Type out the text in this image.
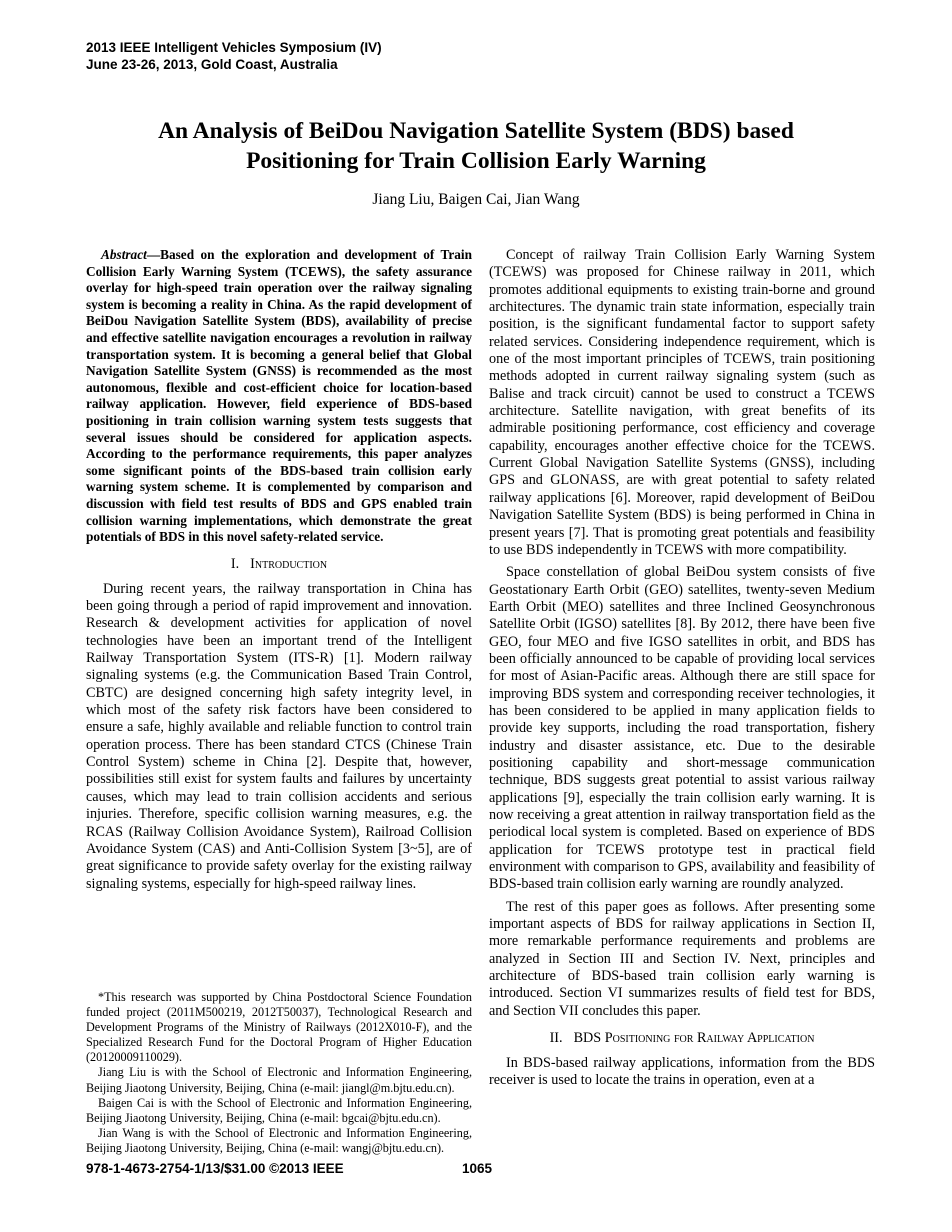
2013 IEEE Intelligent Vehicles Symposium (IV)
June 23-26, 2013, Gold Coast, Australia
An Analysis of BeiDou Navigation Satellite System (BDS) based
Positioning for Train Collision Early Warning
Jiang Liu, Baigen Cai, Jian Wang

Abstract—Based on the exploration and development of Train Collision Early Warning System (TCEWS), the safety assurance overlay for high-speed train operation over the railway signaling system is becoming a reality in China. As the rapid development of BeiDou Navigation Satellite System (BDS), availability of precise and effective satellite navigation encourages a revolution in railway transportation system. It is becoming a general belief that Global Navigation Satellite System (GNSS) is recommended as the most autonomous, flexible and cost-efficient choice for location-based railway application. However, field experience of BDS-based positioning in train collision warning system tests suggests that several issues should be considered for application aspects. According to the performance requirements, this paper analyzes some significant points of the BDS-based train collision early warning system scheme. It is complemented by comparison and discussion with field test results of BDS and GPS enabled train collision warning implementations, which demonstrate the great potentials of BDS in this novel safety-related service.

I. Introduction

During recent years, the railway transportation in China has been going through a period of rapid improvement and innovation. Research & development activities for application of novel technologies have been an important trend of the Intelligent Railway Transportation System (ITS-R) [1]. Modern railway signaling systems (e.g. the Communication Based Train Control, CBTC) are designed concerning high safety integrity level, in which most of the safety risk factors have been considered to ensure a safe, highly available and reliable function to control train operation process. There has been standard CTCS (Chinese Train Control System) scheme in China [2]. Despite that, however, possibilities still exist for system faults and failures by uncertainty causes, which may lead to train collision accidents and serious injuries. Therefore, specific collision warning measures, e.g. the RCAS (Railway Collision Avoidance System), Railroad Collision Avoidance System (CAS) and Anti-Collision System [3~5], are of great significance to provide safety overlay for the existing railway signaling systems, especially for high-speed railway lines.

*This research was supported by China Postdoctoral Science Foundation funded project (2011M500219, 2012T50037), Technological Research and Development Programs of the Ministry of Railways (2012X010-F), and the Specialized Research Fund for the Doctoral Program of Higher Education (20120009110029).

Jiang Liu is with the School of Electronic and Information Engineering, Beijing Jiaotong University, Beijing, China (e-mail: jiangl@m.bjtu.edu.cn).

Baigen Cai is with the School of Electronic and Information Engineering, Beijing Jiaotong University, Beijing, China (e-mail: bgcai@bjtu.edu.cn).

Jian Wang is with the School of Electronic and Information Engineering, Beijing Jiaotong University, Beijing, China (e-mail: wangj@bjtu.edu.cn).

Concept of railway Train Collision Early Warning System (TCEWS) was proposed for Chinese railway in 2011, which promotes additional equipments to existing train-borne and ground architectures. The dynamic train state information, especially train position, is the significant fundamental factor to support safety related services. Considering independence requirement, which is one of the most important principles of TCEWS, train positioning methods adopted in current railway signaling system (such as Balise and track circuit) cannot be used to construct a TCEWS architecture. Satellite navigation, with great benefits of its admirable positioning performance, cost efficiency and coverage capability, encourages another effective choice for the TCEWS. Current Global Navigation Satellite Systems (GNSS), including GPS and GLONASS, are with great potential to safety related railway applications [6]. Moreover, rapid development of BeiDou Navigation Satellite System (BDS) is being performed in China in present years [7]. That is promoting great potentials and feasibility to use BDS independently in TCEWS with more compatibility.

Space constellation of global BeiDou system consists of five Geostationary Earth Orbit (GEO) satellites, twenty-seven Medium Earth Orbit (MEO) satellites and three Inclined Geosynchronous Satellite Orbit (IGSO) satellites [8]. By 2012, there have been five GEO, four MEO and five IGSO satellites in orbit, and BDS has been officially announced to be capable of providing local services for most of Asian-Pacific areas. Although there are still space for improving BDS system and corresponding receiver technologies, it has been considered to be applied in many application fields to provide key supports, including the road transportation, fishery industry and disaster assistance, etc. Due to the desirable positioning capability and short-message communication technique, BDS suggests great potential to assist various railway applications [9], especially the train collision early warning. It is now receiving a great attention in railway transportation field as the periodical local system is completed. Based on experience of BDS application for TCEWS prototype test in practical field environment with comparison to GPS, availability and feasibility of BDS-based train collision early warning are roundly analyzed.

The rest of this paper goes as follows. After presenting some important aspects of BDS for railway applications in Section II, more remarkable performance requirements and problems are analyzed in Section III and Section IV. Next, principles and architecture of BDS-based train collision early warning is introduced. Section VI summarizes results of field test for BDS, and Section VII concludes this paper.

II. BDS Positioning for Railway Application

In BDS-based railway applications, information from the BDS receiver is used to locate the trains in operation, even at a

978-1-4673-2754-1/13/$31.00 ©2013 IEEE	1065
